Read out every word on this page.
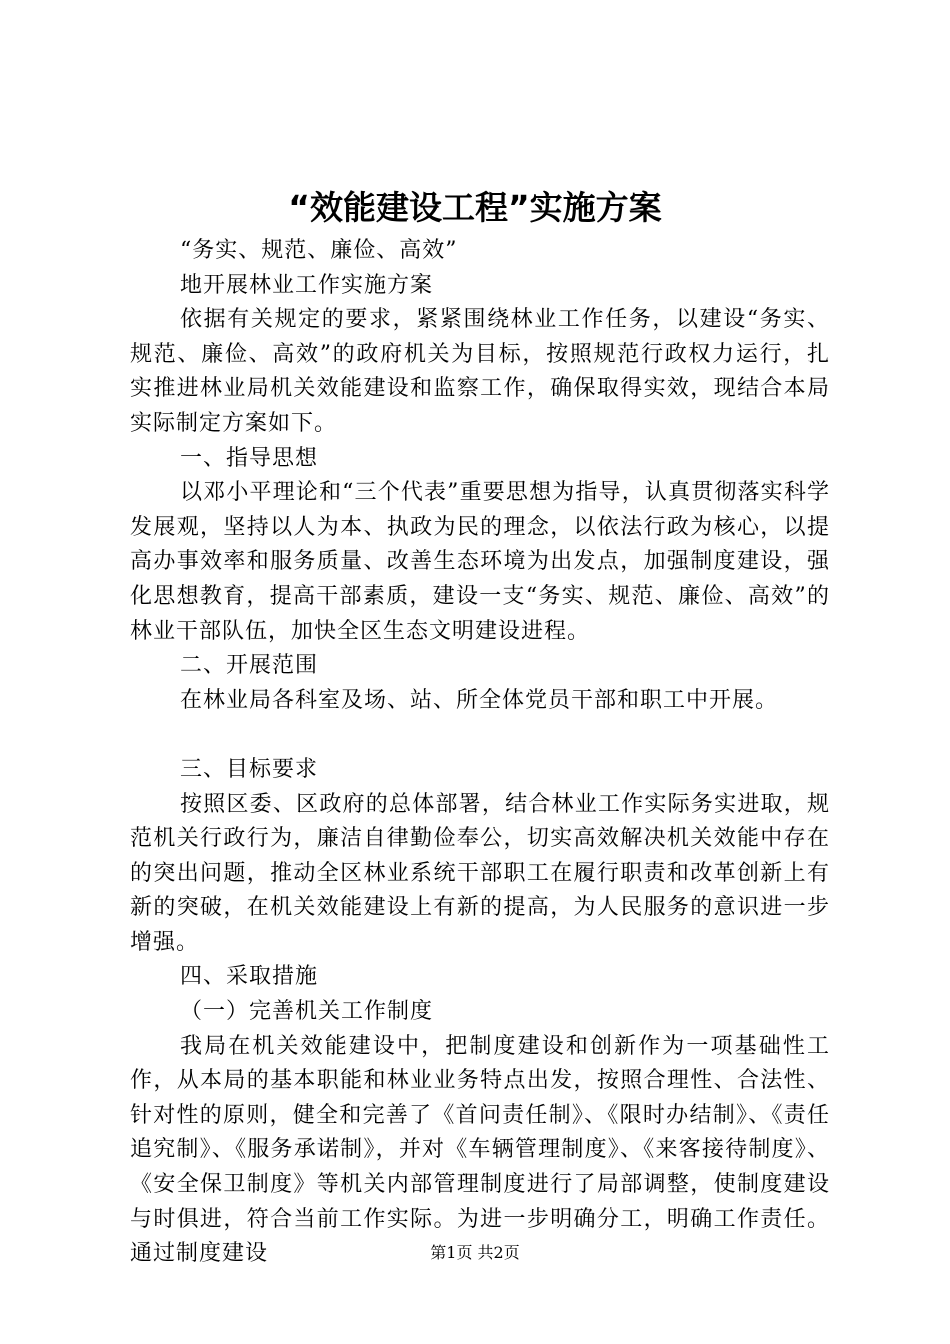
“效能建设工程”实施方案

“务实、规范、廉俭、高效”

地开展林业工作实施方案

依据有关规定的要求，紧紧围绕林业工作任务，以建设“务实、规范、廉俭、高效”的政府机关为目标，按照规范行政权力运行，扎实推进林业局机关效能建设和监察工作，确保取得实效，现结合本局实际制定方案如下。

一、指导思想

以邓小平理论和“三个代表”重要思想为指导，认真贯彻落实科学发展观，坚持以人为本、执政为民的理念，以依法行政为核心，以提高办事效率和服务质量、改善生态环境为出发点，加强制度建设，强化思想教育，提高干部素质，建设一支“务实、规范、廉俭、高效”的林业干部队伍，加快全区生态文明建设进程。

二、开展范围

在林业局各科室及场、站、所全体党员干部和职工中开展。

三、目标要求

按照区委、区政府的总体部署，结合林业工作实际务实进取，规范机关行政行为，廉洁自律勤俭奉公，切实高效解决机关效能中存在的突出问题，推动全区林业系统干部职工在履行职责和改革创新上有新的突破，在机关效能建设上有新的提高，为人民服务的意识进一步增强。

四、采取措施

（一）完善机关工作制度

我局在机关效能建设中，把制度建设和创新作为一项基础性工作，从本局的基本职能和林业业务特点出发，按照合理性、合法性、针对性的原则，健全和完善了《首问责任制》、《限时办结制》、《责任追究制》、《服务承诺制》，并对《车辆管理制度》、《来客接待制度》、《安全保卫制度》等机关内部管理制度进行了局部调整，使制度建设与时俱进，符合当前工作实际。为进一步明确分工，明确工作责任。通过制度建设	第1页 共2页
